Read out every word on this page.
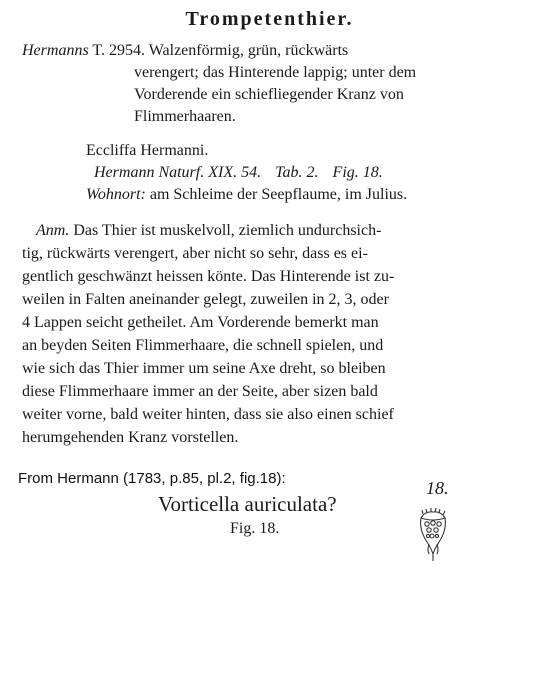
Trompetenthier.
Hermanns T. 2954. Walzenförmig, grün, rückwärts
verengert; das Hinterende lappig; unter dem
Vorderende ein schiefliegender Kranz von
Flimmerhaaren.
Eccliffa Hermanni.
Hermann Naturf. XIX. 54. Tab. 2. Fig. 18.
Wohnort: am Schleime der Seepflaume, im Julius.
Anm. Das Thier ist muskelvoll, ziemlich undurchsich-
tig, rückwärts verengert, aber nicht so sehr, dass es ei-
gentlich geschwänzt heissen könte. Das Hinterende ist zu-
weilen in Falten aneinander gelegt, zuweilen in 2, 3, oder
4 Lappen seicht getheilet. Am Vorderende bemerkt man
an beyden Seiten Flimmerhaare, die schnell spielen, und
wie sich das Thier immer um seine Axe dreht, so bleiben
diese Flimmerhaare immer an der Seite, aber sizen bald
weiter vorne, bald weiter hinten, dass sie also einen schief
herumgehenden Kranz vorstellen.
From Hermann (1783, p.85, pl.2, fig.18):	18.
Vorticella auriculata?
Fig. 18.
